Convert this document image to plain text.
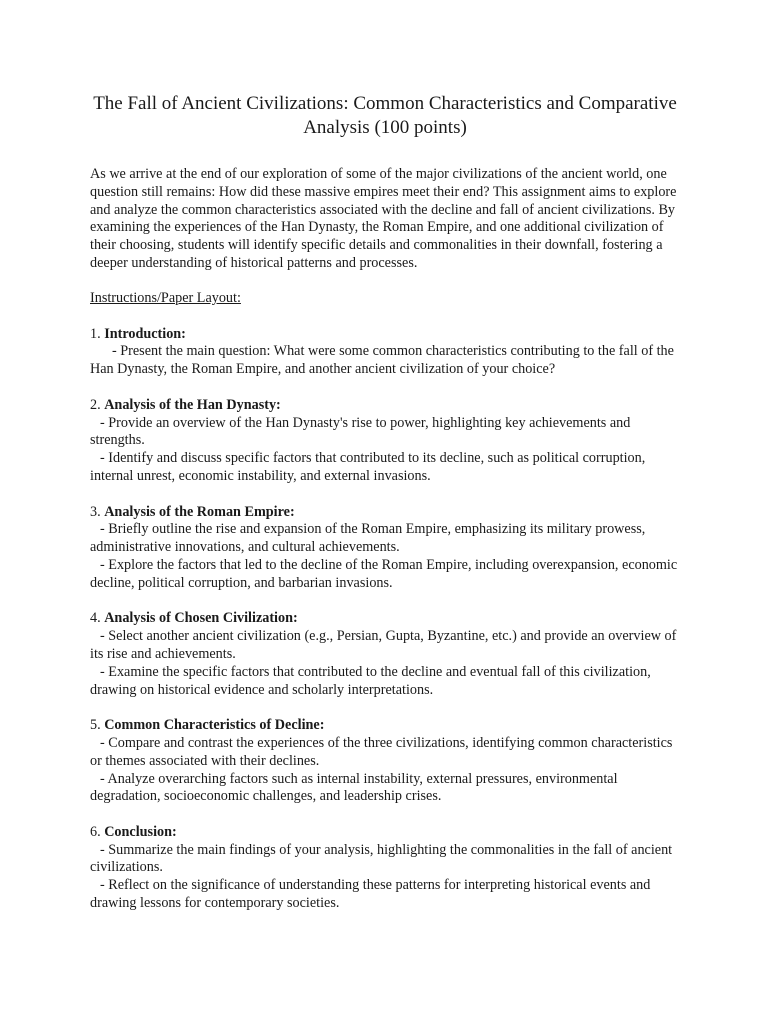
The Fall of Ancient Civilizations: Common Characteristics and Comparative Analysis (100 points)

As we arrive at the end of our exploration of some of the major civilizations of the ancient world, one question still remains: How did these massive empires meet their end? This assignment aims to explore and analyze the common characteristics associated with the decline and fall of ancient civilizations. By examining the experiences of the Han Dynasty, the Roman Empire, and one additional civilization of their choosing, students will identify specific details and commonalities in their downfall, fostering a deeper understanding of historical patterns and processes.

Instructions/Paper Layout:

1. Introduction:

- Present the main question: What were some common characteristics contributing to the fall of the Han Dynasty, the Roman Empire, and another ancient civilization of your choice?

2. Analysis of the Han Dynasty:

- Provide an overview of the Han Dynasty's rise to power, highlighting key achievements and strengths.

- Identify and discuss specific factors that contributed to its decline, such as political corruption, internal unrest, economic instability, and external invasions.

3. Analysis of the Roman Empire:

- Briefly outline the rise and expansion of the Roman Empire, emphasizing its military prowess, administrative innovations, and cultural achievements.

- Explore the factors that led to the decline of the Roman Empire, including overexpansion, economic decline, political corruption, and barbarian invasions.

4. Analysis of Chosen Civilization:

- Select another ancient civilization (e.g., Persian, Gupta, Byzantine, etc.) and provide an overview of its rise and achievements.

- Examine the specific factors that contributed to the decline and eventual fall of this civilization, drawing on historical evidence and scholarly interpretations.

5. Common Characteristics of Decline:

- Compare and contrast the experiences of the three civilizations, identifying common characteristics or themes associated with their declines.

- Analyze overarching factors such as internal instability, external pressures, environmental degradation, socioeconomic challenges, and leadership crises.

6. Conclusion:

- Summarize the main findings of your analysis, highlighting the commonalities in the fall of ancient civilizations.

- Reflect on the significance of understanding these patterns for interpreting historical events and drawing lessons for contemporary societies.
